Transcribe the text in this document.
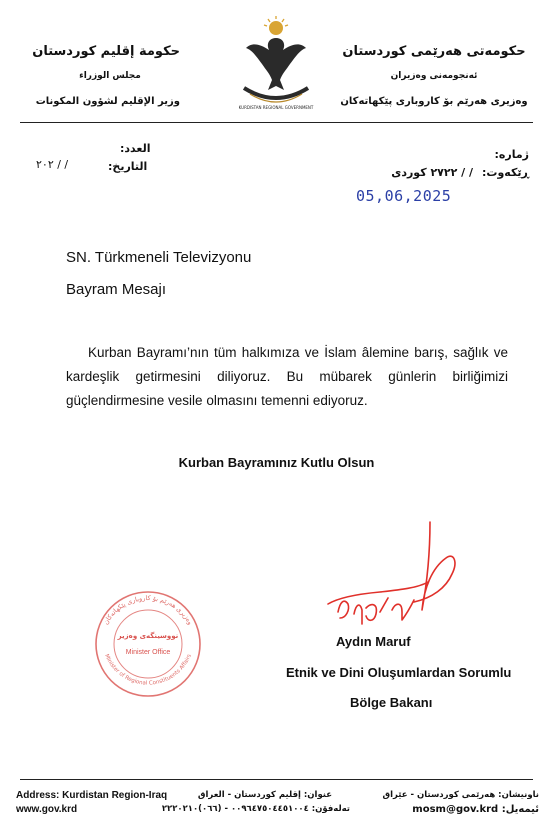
حكومة إقليم كوردستان
مجلس الوزراء
وزير الإقليم لشؤون المكونات
KURDISTAN REGIONAL GOVERNMENT
حکومەتی هەرێمی کوردستان
ئەنجومەنی وەزیران
وەزیری هەرێم بۆ کاروباری پێکهاتەکان
العدد:
التاريخ:
/ / ٢٠٢
ژمارە:
ڕێکەوت:
/ / ٢٧٢٢ کوردی
05,06,2025
SN. Türkmeneli Televizyonu
Bayram Mesajı
Kurban Bayramı’nın tüm halkımıza ve İslam âlemine barış, sağlık ve kardeşlik getirmesini diliyoruz. Bu mübarek günlerin birliğimizi güçlendirmesine vesile olmasını temenni ediyoruz.
Kurban Bayramınız Kutlu Olsun
وەزیری هەرێم بۆ کاروباری پێکهاتەکان
Minister of Regional Constituents Affairs
نووسینگەی وەزیر
Minister Office
Aydın Maruf
Etnik ve Dini Oluşumlardan Sorumlu
Bölge Bakanı
Address: Kurdistan Region-Iraq
www.gov.krd
عنوان: إقليم كوردستان - العراق
تەلەفۆن: ٠٠٩٦٤٧٥٠٤٤٥١٠٠٤ - (٠٦٦)٢٢٢٠٢١٠
ناونیشان: هەرێمی کوردستان - عێراق
ئیمەیل: mosm@gov.krd
